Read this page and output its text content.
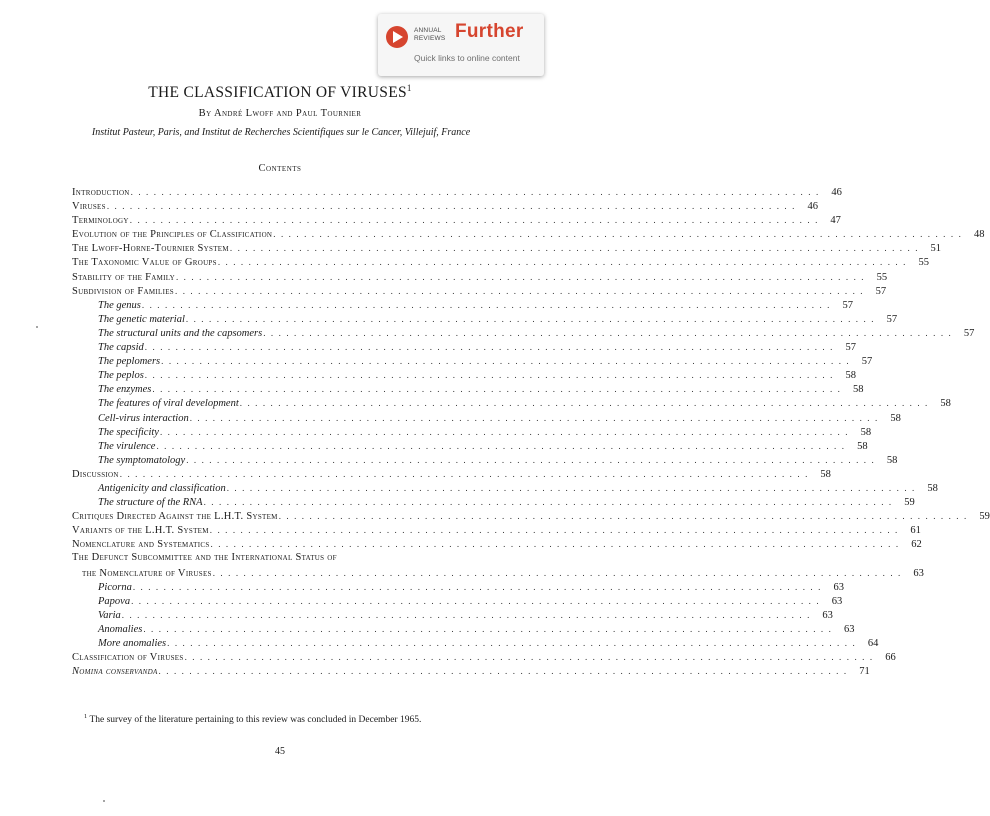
ANNUAL REVIEWS Further
Quick links to online content
THE CLASSIFICATION OF VIRUSES$^1$
By André Lwoff and Paul Tournier
Institut Pasteur, Paris, and Institut de Recherches Scientifiques sur le Cancer, Villejuif, France
Contents
Introduction . . . . . . . . . . . . . . . . . . . . . . . . . . . . . . . . . . . . . . . . . . . . . . . . . . . . . . . . . . . . . . . . . . . . . . . . . . . . . . . . . . . . . . . . . .	46
Viruses . . . . . . . . . . . . . . . . . . . . . . . . . . . . . . . . . . . . . . . . . . . . . . . . . . . . . . . . . . . . . . . . . . . . . . . . . . . . . . . . . . . . . . . . . .	46
Terminology . . . . . . . . . . . . . . . . . . . . . . . . . . . . . . . . . . . . . . . . . . . . . . . . . . . . . . . . . . . . . . . . . . . . . . . . . . . . . . . . . . . . . . . . . .	47
Evolution of the Principles of Classification . . . . . . . . . . . . . . . . . . . . . . . . . . . . . . . . . . . . . . . . . . . . . . . . . . . . . . . . . . . . . . . . . . . . . . . . . . . . . . . . . . . . . . . . . .	48
The Lwoff-Horne-Tournier System . . . . . . . . . . . . . . . . . . . . . . . . . . . . . . . . . . . . . . . . . . . . . . . . . . . . . . . . . . . . . . . . . . . . . . . . . . . . . . . . . . . . . . . . . .	51
The Taxonomic Value of Groups . . . . . . . . . . . . . . . . . . . . . . . . . . . . . . . . . . . . . . . . . . . . . . . . . . . . . . . . . . . . . . . . . . . . . . . . . . . . . . . . . . . . . . . . . .	55
Stability of the Family . . . . . . . . . . . . . . . . . . . . . . . . . . . . . . . . . . . . . . . . . . . . . . . . . . . . . . . . . . . . . . . . . . . . . . . . . . . . . . . . . . . . . . . . . .	55
Subdivision of Families . . . . . . . . . . . . . . . . . . . . . . . . . . . . . . . . . . . . . . . . . . . . . . . . . . . . . . . . . . . . . . . . . . . . . . . . . . . . . . . . . . . . . . . . . .	57
The genus . . . . . . . . . . . . . . . . . . . . . . . . . . . . . . . . . . . . . . . . . . . . . . . . . . . . . . . . . . . . . . . . . . . . . . . . . . . . . . . . . . . . . . . . . .	57
The genetic material . . . . . . . . . . . . . . . . . . . . . . . . . . . . . . . . . . . . . . . . . . . . . . . . . . . . . . . . . . . . . . . . . . . . . . . . . . . . . . . . . . . . . . . . . .	57
The structural units and the capsomers . . . . . . . . . . . . . . . . . . . . . . . . . . . . . . . . . . . . . . . . . . . . . . . . . . . . . . . . . . . . . . . . . . . . . . . . . . . . . . . . . . . . . . . . . .	57
The capsid . . . . . . . . . . . . . . . . . . . . . . . . . . . . . . . . . . . . . . . . . . . . . . . . . . . . . . . . . . . . . . . . . . . . . . . . . . . . . . . . . . . . . . . . . .	57
The peplomers . . . . . . . . . . . . . . . . . . . . . . . . . . . . . . . . . . . . . . . . . . . . . . . . . . . . . . . . . . . . . . . . . . . . . . . . . . . . . . . . . . . . . . . . . .	57
The peplos . . . . . . . . . . . . . . . . . . . . . . . . . . . . . . . . . . . . . . . . . . . . . . . . . . . . . . . . . . . . . . . . . . . . . . . . . . . . . . . . . . . . . . . . . .	58
The enzymes . . . . . . . . . . . . . . . . . . . . . . . . . . . . . . . . . . . . . . . . . . . . . . . . . . . . . . . . . . . . . . . . . . . . . . . . . . . . . . . . . . . . . . . . . .	58
The features of viral development . . . . . . . . . . . . . . . . . . . . . . . . . . . . . . . . . . . . . . . . . . . . . . . . . . . . . . . . . . . . . . . . . . . . . . . . . . . . . . . . . . . . . . . . . .	58
Cell-virus interaction . . . . . . . . . . . . . . . . . . . . . . . . . . . . . . . . . . . . . . . . . . . . . . . . . . . . . . . . . . . . . . . . . . . . . . . . . . . . . . . . . . . . . . . . . .	58
The specificity . . . . . . . . . . . . . . . . . . . . . . . . . . . . . . . . . . . . . . . . . . . . . . . . . . . . . . . . . . . . . . . . . . . . . . . . . . . . . . . . . . . . . . . . . .	58
The virulence . . . . . . . . . . . . . . . . . . . . . . . . . . . . . . . . . . . . . . . . . . . . . . . . . . . . . . . . . . . . . . . . . . . . . . . . . . . . . . . . . . . . . . . . . .	58
The symptomatology . . . . . . . . . . . . . . . . . . . . . . . . . . . . . . . . . . . . . . . . . . . . . . . . . . . . . . . . . . . . . . . . . . . . . . . . . . . . . . . . . . . . . . . . . .	58
Discussion . . . . . . . . . . . . . . . . . . . . . . . . . . . . . . . . . . . . . . . . . . . . . . . . . . . . . . . . . . . . . . . . . . . . . . . . . . . . . . . . . . . . . . . . . .	58
Antigenicity and classification . . . . . . . . . . . . . . . . . . . . . . . . . . . . . . . . . . . . . . . . . . . . . . . . . . . . . . . . . . . . . . . . . . . . . . . . . . . . . . . . . . . . . . . . . .	58
The structure of the RNA . . . . . . . . . . . . . . . . . . . . . . . . . . . . . . . . . . . . . . . . . . . . . . . . . . . . . . . . . . . . . . . . . . . . . . . . . . . . . . . . . . . . . . . . . .	59
Critiques Directed Against the L.H.T. System . . . . . . . . . . . . . . . . . . . . . . . . . . . . . . . . . . . . . . . . . . . . . . . . . . . . . . . . . . . . . . . . . . . . . . . . . . . . . . . . . . . . . . . . . .	59
Variants of the L.H.T. System . . . . . . . . . . . . . . . . . . . . . . . . . . . . . . . . . . . . . . . . . . . . . . . . . . . . . . . . . . . . . . . . . . . . . . . . . . . . . . . . . . . . . . . . . .	61
Nomenclature and Systematics . . . . . . . . . . . . . . . . . . . . . . . . . . . . . . . . . . . . . . . . . . . . . . . . . . . . . . . . . . . . . . . . . . . . . . . . . . . . . . . . . . . . . . . . . .	62
The Defunct Subcommittee and the International Status of
the Nomenclature of Viruses . . . . . . . . . . . . . . . . . . . . . . . . . . . . . . . . . . . . . . . . . . . . . . . . . . . . . . . . . . . . . . . . . . . . . . . . . . . . . . . . . . . . . . . . . .	63
Picorna . . . . . . . . . . . . . . . . . . . . . . . . . . . . . . . . . . . . . . . . . . . . . . . . . . . . . . . . . . . . . . . . . . . . . . . . . . . . . . . . . . . . . . . . . .	63
Papova . . . . . . . . . . . . . . . . . . . . . . . . . . . . . . . . . . . . . . . . . . . . . . . . . . . . . . . . . . . . . . . . . . . . . . . . . . . . . . . . . . . . . . . . . .	63
Varia . . . . . . . . . . . . . . . . . . . . . . . . . . . . . . . . . . . . . . . . . . . . . . . . . . . . . . . . . . . . . . . . . . . . . . . . . . . . . . . . . . . . . . . . . .	63
Anomalies . . . . . . . . . . . . . . . . . . . . . . . . . . . . . . . . . . . . . . . . . . . . . . . . . . . . . . . . . . . . . . . . . . . . . . . . . . . . . . . . . . . . . . . . . .	63
More anomalies . . . . . . . . . . . . . . . . . . . . . . . . . . . . . . . . . . . . . . . . . . . . . . . . . . . . . . . . . . . . . . . . . . . . . . . . . . . . . . . . . . . . . . . . . .	64
Classification of Viruses . . . . . . . . . . . . . . . . . . . . . . . . . . . . . . . . . . . . . . . . . . . . . . . . . . . . . . . . . . . . . . . . . . . . . . . . . . . . . . . . . . . . . . . . . .	66
Nomina conservanda . . . . . . . . . . . . . . . . . . . . . . . . . . . . . . . . . . . . . . . . . . . . . . . . . . . . . . . . . . . . . . . . . . . . . . . . . . . . . . . . . . . . . . . . . .	71
$^1$ The survey of the literature pertaining to this review was concluded in December 1965.
45
